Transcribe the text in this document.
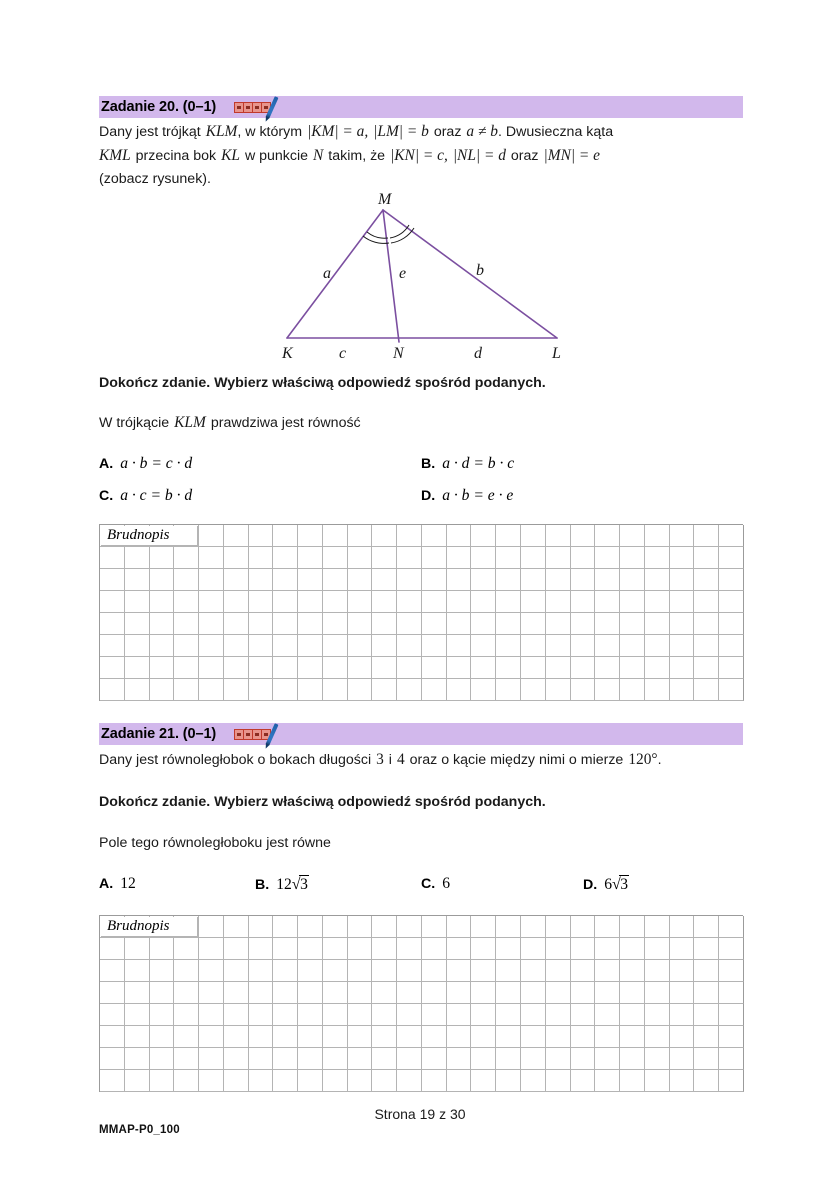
Zadanie 20. (0–1)
Dany jest trójkąt KLM, w którym |KM| = a, |LM| = b oraz a ≠ b. Dwusieczna kąta
KML przecina bok KL w punkcie N takim, że |KN| = c, |NL| = d oraz |MN| = e
(zobacz rysunek).
M
K	L
N
a	b
e
c	d
Dokończ zdanie. Wybierz właściwą odpowiedź spośród podanych.
W trójkącie KLM prawdziwa jest równość
A. a · b = c · d	B. a · d = b · c
C. a · c = b · d	D. a · b = e · e
Brudnopis
Zadanie 21. (0–1)
Dany jest równoległobok o bokach długości 3 i 4 oraz o kącie między nimi o mierze 120°.
Dokończ zdanie. Wybierz właściwą odpowiedź spośród podanych.
Pole tego równoległoboku jest równe
A. 12	B. 12 √3	C. 6	D. 6 √3
Brudnopis
Strona 19 z 30
MMAP-P0_100
